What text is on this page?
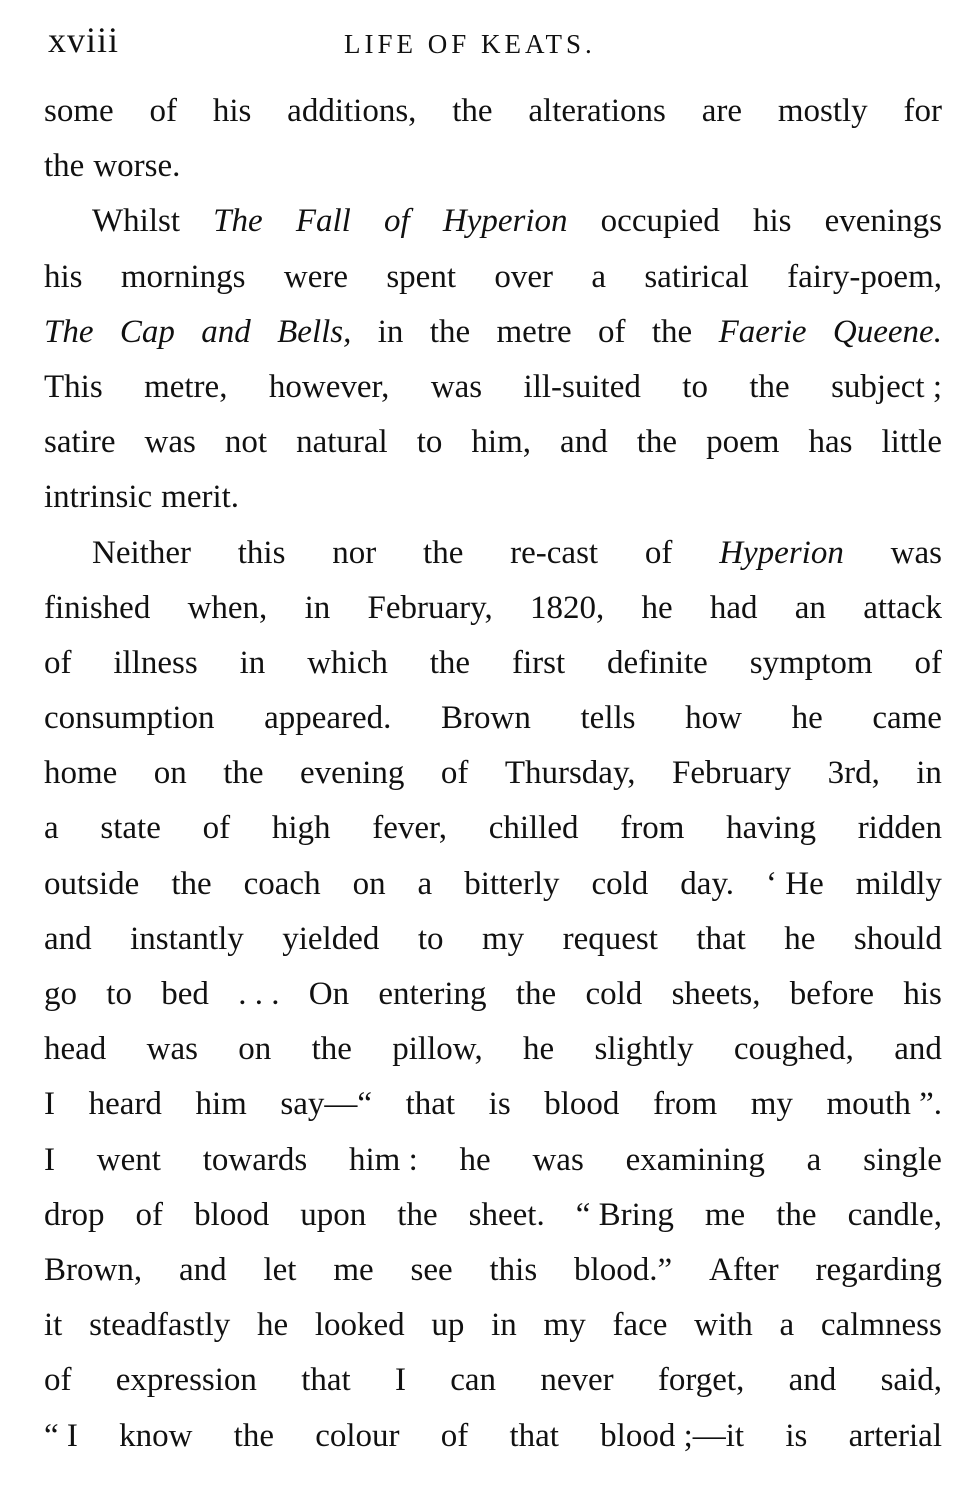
xviii	LIFE OF KEATS.
some of his additions, the alterations are mostly for
the worse.
Whilst The Fall of Hyperion occupied his evenings
his mornings were spent over a satirical fairy-poem,
The Cap and Bells, in the metre of the Faerie Queene.
This metre, however, was ill-suited to the subject ;
satire was not natural to him, and the poem has little
intrinsic merit.
Neither this nor the re-cast of Hyperion was
finished when, in February, 1820, he had an attack
of illness in which the first definite symptom of
consumption appeared. Brown tells how he came
home on the evening of Thursday, February 3rd, in
a state of high fever, chilled from having ridden
outside the coach on a bitterly cold day. ‘ He mildly
and instantly yielded to my request that he should
go to bed . . . On entering the cold sheets, before his
head was on the pillow, he slightly coughed, and
I heard him say—“ that is blood from my mouth ”.
I went towards him : he was examining a single
drop of blood upon the sheet. “ Bring me the candle,
Brown, and let me see this blood.” After regarding
it steadfastly he looked up in my face with a calmness
of expression that I can never forget, and said,
“ I know the colour of that blood ;—it is arterial
